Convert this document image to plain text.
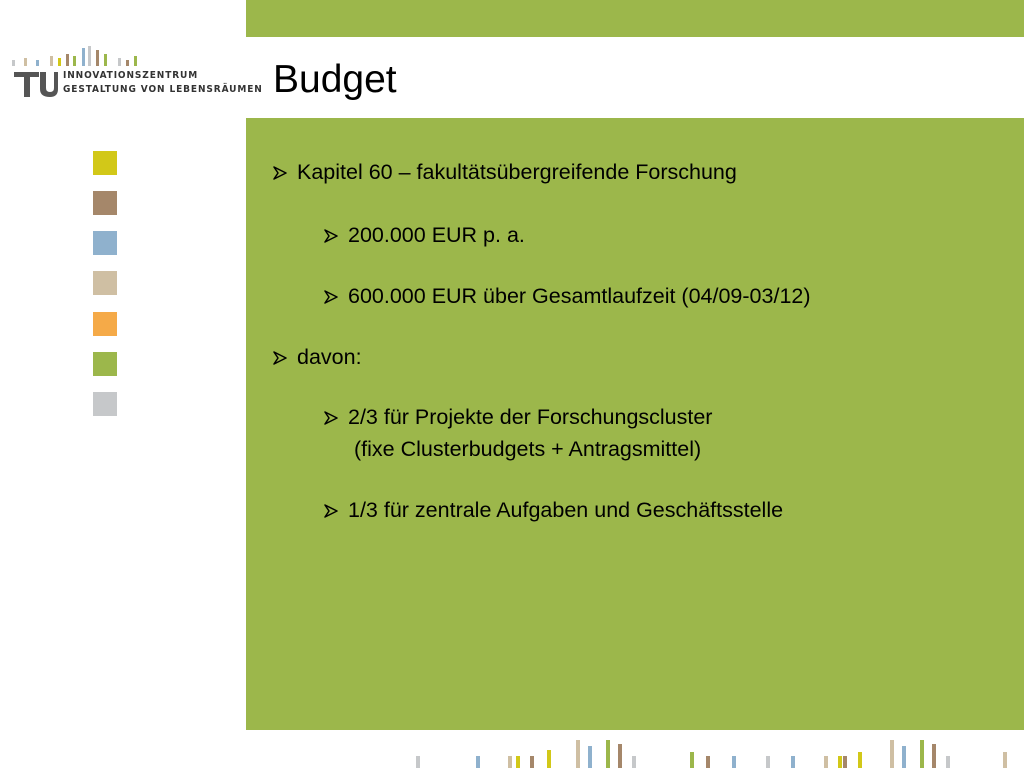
Budget
INNOVATIONSZENTRUM
GESTALTUNG VON LEBENSRÄUMEN
Kapitel 60 – fakultätsübergreifende Forschung
200.000 EUR p. a.
600.000 EUR über Gesamtlaufzeit (04/09-03/12)
davon:
2/3 für Projekte der Forschungscluster
(fixe Clusterbudgets + Antragsmittel)
1/3 für zentrale Aufgaben und Geschäftsstelle
